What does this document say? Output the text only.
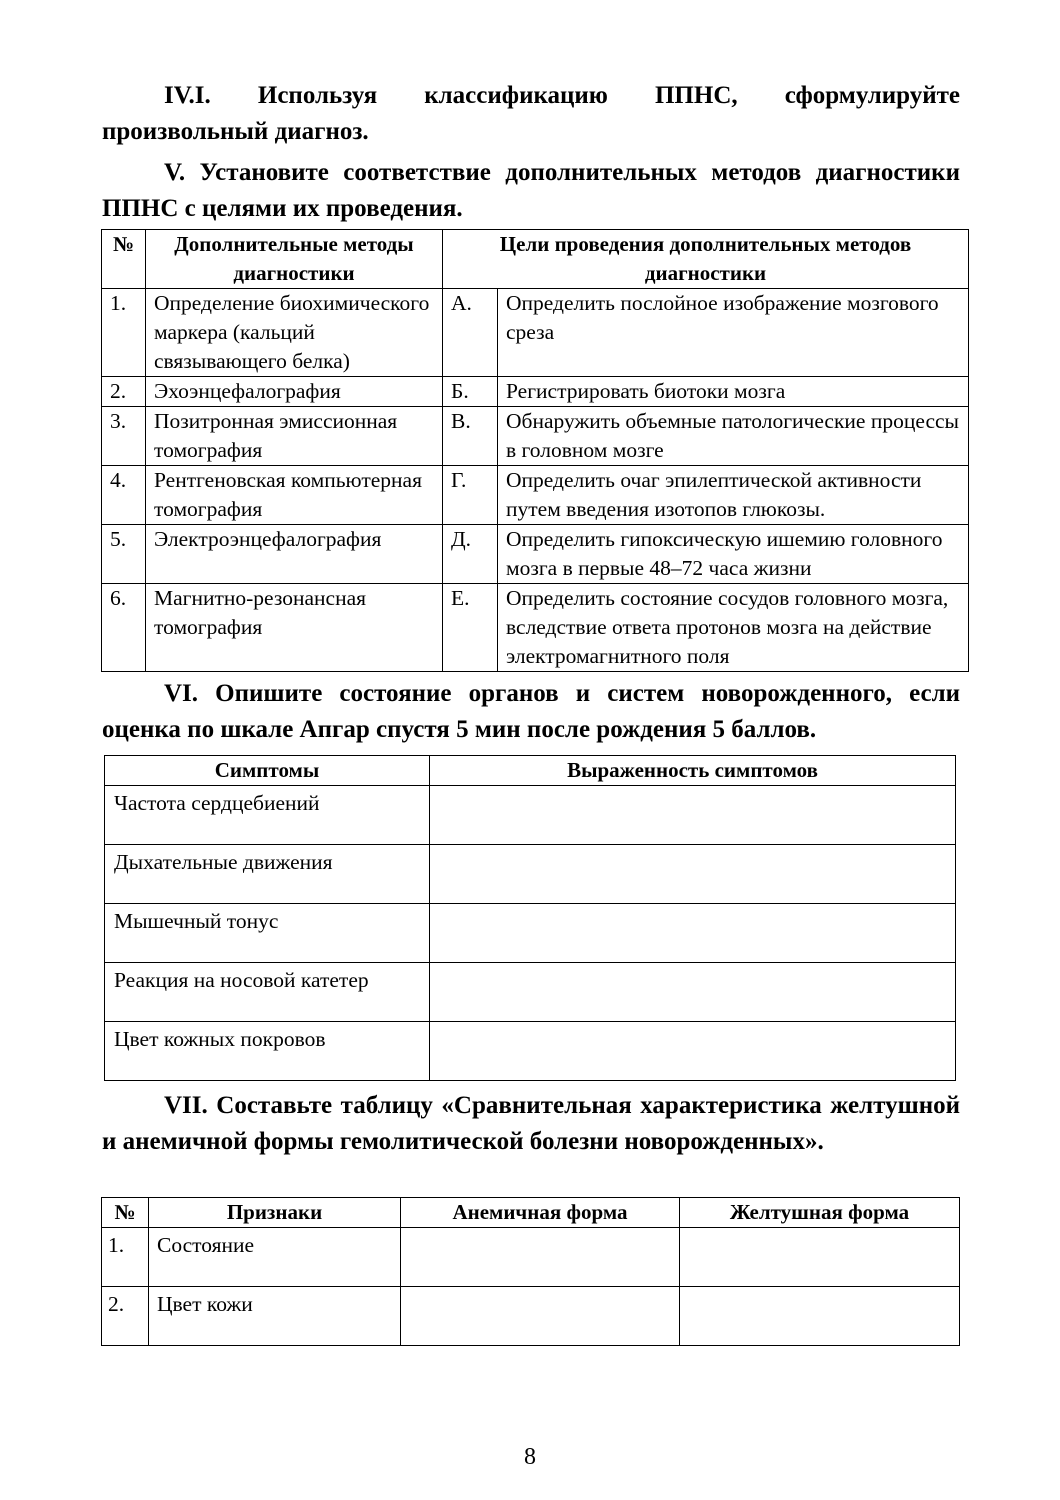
IV.I. Используя классификацию ППНС, сформулируйте произвольный диагноз.
V. Установите соответствие дополнительных методов диагностики ППНС с целями их проведения.
№	Дополнительные методы диагностики	Цели проведения дополнительных методов диагностики	
1.	Определение биохимического маркера (кальций связывающего белка)	А.	Определить послойное изображение мозгового среза
2.	Эхоэнцефалография	Б.	Регистрировать биотоки мозга
3.	Позитронная эмиссионная томография	В.	Обнаружить объемные патологические процессы в головном мозге
4.	Рентгеновская компьютерная томография	Г.	Определить очаг эпилептической активности путем введения изотопов глюкозы.
5.	Электроэнцефалография	Д.	Определить гипоксическую ишемию головного мозга в первые 48–72 часа жизни
6.	Магнитно-резонансная томография	Е.	Определить состояние сосудов головного мозга, вследствие ответа протонов мозга на действие электромагнитного поля
VI. Опишите состояние органов и систем новорожденного, если оценка по шкале Апгар спустя 5 мин после рождения 5 баллов.
Симптомы	Выраженность симптомов
Частота сердцебиений	
Дыхательные движения	
Мышечный тонус	
Реакция на носовой катетер	
Цвет кожных покровов	
VII. Составьте таблицу «Сравнительная характеристика желтушной и анемичной формы гемолитической болезни новорожденных».
№	Признаки	Анемичная форма	Желтушная форма
1.	Состояние		
2.	Цвет кожи		
8
